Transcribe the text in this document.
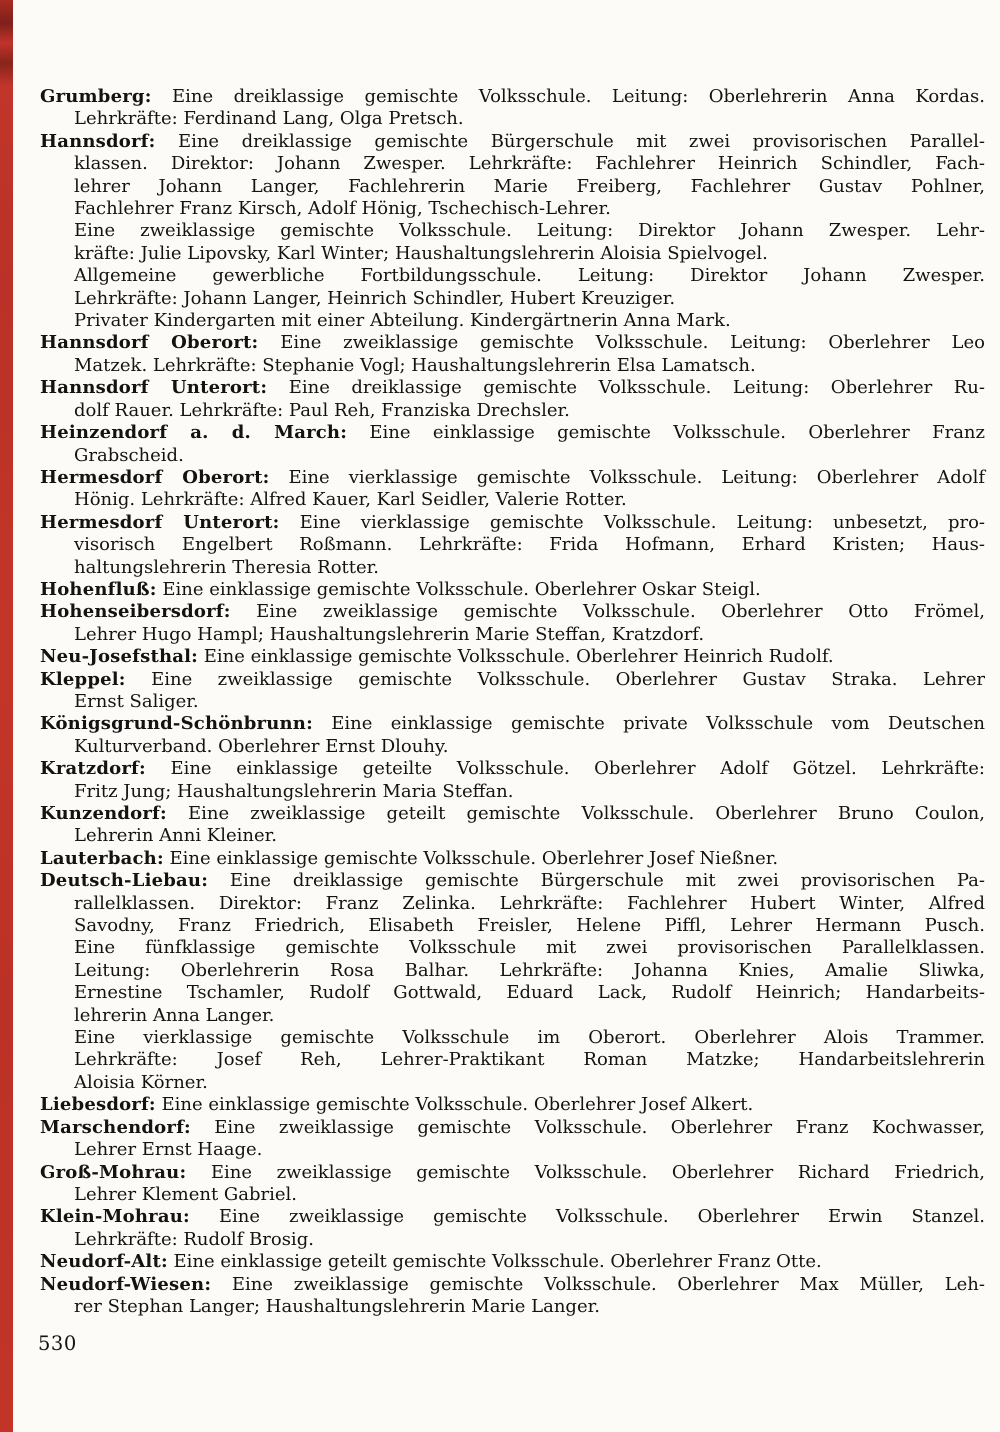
Grumberg: Eine dreiklassige gemischte Volksschule. Leitung: Oberlehrerin Anna Kordas.
Lehrkräfte: Ferdinand Lang, Olga Pretsch.
Hannsdorf: Eine dreiklassige gemischte Bürgerschule mit zwei provisorischen Parallel-
klassen. Direktor: Johann Zwesper. Lehrkräfte: Fachlehrer Heinrich Schindler, Fach-
lehrer Johann Langer, Fachlehrerin Marie Freiberg, Fachlehrer Gustav Pohlner,
Fachlehrer Franz Kirsch, Adolf Hönig, Tschechisch-Lehrer.
Eine zweiklassige gemischte Volksschule. Leitung: Direktor Johann Zwesper. Lehr-
kräfte: Julie Lipovsky, Karl Winter; Haushaltungslehrerin Aloisia Spielvogel.
Allgemeine gewerbliche Fortbildungsschule. Leitung: Direktor Johann Zwesper.
Lehrkräfte: Johann Langer, Heinrich Schindler, Hubert Kreuziger.
Privater Kindergarten mit einer Abteilung. Kindergärtnerin Anna Mark.
Hannsdorf Oberort: Eine zweiklassige gemischte Volksschule. Leitung: Oberlehrer Leo
Matzek. Lehrkräfte: Stephanie Vogl; Haushaltungslehrerin Elsa Lamatsch.
Hannsdorf Unterort: Eine dreiklassige gemischte Volksschule. Leitung: Oberlehrer Ru-
dolf Rauer. Lehrkräfte: Paul Reh, Franziska Drechsler.
Heinzendorf a. d. March: Eine einklassige gemischte Volksschule. Oberlehrer Franz
Grabscheid.
Hermesdorf Oberort: Eine vierklassige gemischte Volksschule. Leitung: Oberlehrer Adolf
Hönig. Lehrkräfte: Alfred Kauer, Karl Seidler, Valerie Rotter.
Hermesdorf Unterort: Eine vierklassige gemischte Volksschule. Leitung: unbesetzt, pro-
visorisch Engelbert Roßmann. Lehrkräfte: Frida Hofmann, Erhard Kristen; Haus-
haltungslehrerin Theresia Rotter.
Hohenfluß: Eine einklassige gemischte Volksschule. Oberlehrer Oskar Steigl.
Hohenseibersdorf: Eine zweiklassige gemischte Volksschule. Oberlehrer Otto Frömel,
Lehrer Hugo Hampl; Haushaltungslehrerin Marie Steffan, Kratzdorf.
Neu-Josefsthal: Eine einklassige gemischte Volksschule. Oberlehrer Heinrich Rudolf.
Kleppel: Eine zweiklassige gemischte Volksschule. Oberlehrer Gustav Straka. Lehrer
Ernst Saliger.
Königsgrund-Schönbrunn: Eine einklassige gemischte private Volksschule vom Deutschen
Kulturverband. Oberlehrer Ernst Dlouhy.
Kratzdorf: Eine einklassige geteilte Volksschule. Oberlehrer Adolf Götzel. Lehrkräfte:
Fritz Jung; Haushaltungslehrerin Maria Steffan.
Kunzendorf: Eine zweiklassige geteilt gemischte Volksschule. Oberlehrer Bruno Coulon,
Lehrerin Anni Kleiner.
Lauterbach: Eine einklassige gemischte Volksschule. Oberlehrer Josef Nießner.
Deutsch-Liebau: Eine dreiklassige gemischte Bürgerschule mit zwei provisorischen Pa-
rallelklassen. Direktor: Franz Zelinka. Lehrkräfte: Fachlehrer Hubert Winter, Alfred
Savodny, Franz Friedrich, Elisabeth Freisler, Helene Piffl, Lehrer Hermann Pusch.
Eine fünfklassige gemischte Volksschule mit zwei provisorischen Parallelklassen.
Leitung: Oberlehrerin Rosa Balhar. Lehrkräfte: Johanna Knies, Amalie Sliwka,
Ernestine Tschamler, Rudolf Gottwald, Eduard Lack, Rudolf Heinrich; Handarbeits-
lehrerin Anna Langer.
Eine vierklassige gemischte Volksschule im Oberort. Oberlehrer Alois Trammer.
Lehrkräfte: Josef Reh, Lehrer-Praktikant Roman Matzke; Handarbeitslehrerin
Aloisia Körner.
Liebesdorf: Eine einklassige gemischte Volksschule. Oberlehrer Josef Alkert.
Marschendorf: Eine zweiklassige gemischte Volksschule. Oberlehrer Franz Kochwasser,
Lehrer Ernst Haage.
Groß-Mohrau: Eine zweiklassige gemischte Volksschule. Oberlehrer Richard Friedrich,
Lehrer Klement Gabriel.
Klein-Mohrau: Eine zweiklassige gemischte Volksschule. Oberlehrer Erwin Stanzel.
Lehrkräfte: Rudolf Brosig.
Neudorf-Alt: Eine einklassige geteilt gemischte Volksschule. Oberlehrer Franz Otte.
Neudorf-Wiesen: Eine zweiklassige gemischte Volksschule. Oberlehrer Max Müller, Leh-
rer Stephan Langer; Haushaltungslehrerin Marie Langer.
530
